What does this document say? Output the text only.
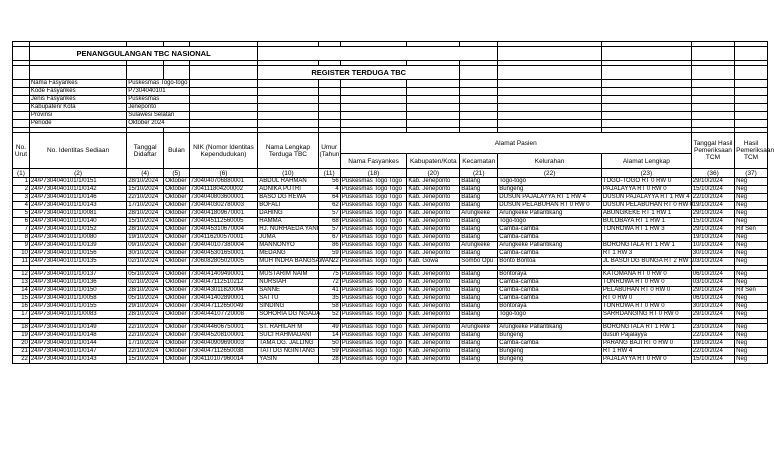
	PENANGGULANGAN TBC NASIONAL												

					REGISTER TERDUGA TBC								
	Nama Fasyankes	Puskesmas Togo-togo											
	Kode Fasyankes	P7304040101											
	Jenis Fasyankes	Puskesmas											
	Kabupaten/ Kota	Jeneponto											
	Provinsi	Sulawesi Selatan											
	Periode	Oktober 2024											

No. Urut	No. Identitas Sediaan	Tanggal Didaftar	Bulan	NIK (Nomor Identitas Kependudukan)	Nama Lengkap Terduga TBC	Umur (Tahun)	Alamat Pasien					Tanggal Hasil Pemeriksaan TCM	Hasil Pemeriksaan TCM
							Nama Fasyankes	Kabupaten/Kota	Kecamatan	Kelurahan	Alamat Lengkap		
(1)	(2)	(4)	(5)	(6)	(10)	(11)	(18)	(20)	(21)	(22)	(23)	(36)	(37)
1	24/P7304040101/1/0151	28/10/2024	Oktober	7304040706880001	ABDUL RAHMAN	56	Puskesmas Togo Togo	Kab. Jeneponto	Batang	Togo-togo	TOGO-TOGO RT 0 RW 0	29/10/2024	Neg
2	24/P7304040101/1/0142	15/10/2024	Oktober	7304111804200002	ADNIKA PUTRI	4	Puskesmas Togo Togo	Kab. Jeneponto	Batang	Bungeng	PAJALAYYA RT 0 RW 0	15/10/2024	Neg
3	24/P7304040101/1/0146	22/10/2024	Oktober	7304040803600001	BASO DG REWA	64	Puskesmas Togo Togo	Kab. Jeneponto	Batang	DUSUN PAJALAYYA RT 1 RW 4	DUSUN PAJALAYYA RT 1 RW 4	22/10/2024	Neg
4	24/P7304040101/1/0143	17/10/2024	Oktober	7304040302780003	BOFALI	62	Puskesmas Togo Togo	Kab. Jeneponto	Batang	DUSUN PELABUHAN RT 0 RW 0	DUSUN PELABUHAN RT 0 RW 0	19/10/2024	Neg
5	24/P7304040101/1/0081	28/10/2024	Oktober	7304041809670001	DAHING	57	Puskesmas Togo Togo	Kab. Jeneponto	Arungkeke	Arungkeke Pallantikang	ABUNGKEKE RT 1 RW 1	29/10/2024	Neg
6	24/P7304040101/1/0140	15/10/2024	Oktober	7304045112560005	HAMMA	68	Puskesmas Togo Togo	Kab. Jeneponto	Batang	Togo-togo	BULOBAYA RT 1 RW 1	15/10/2024	Neg
7	24/P7304040101/1/0152	28/10/2024	Oktober	7304045310670004	HJ. NURHAEDA YANI	57	Puskesmas Togo Togo	Kab. Jeneponto	Batang	Camba-camba	TONROWA RT 1 RW 3	29/10/2024	Rif Sen
8	24/P7304040101/1/0080	19/10/2024	Oktober	7304116200570001	JUMA	67	Puskesmas Togo Togo	Kab. Jeneponto	Batang	Camba-camba		19/10/2024	Neg
9	24/P7304040101/1/0139	09/10/2024	Oktober	7304040107380004	MANNONYO	86	Puskesmas Togo Togo	Kab. Jeneponto	Arungkeke	Arungkeke Pallantikang	BORONGTALA RT 1 RW 1	10/10/2024	Neg
10	24/P7304040101/1/0156	30/10/2024	Oktober	7304045301650001	MEDANG	59	Puskesmas Togo Togo	Kab. Jeneponto	Batang	Camba-camba	RT 1 RW 3	30/10/2024	Neg
11	24/P7304040101/1/0135	02/10/2024	Oktober	7306082805020005	MUH INDRA BANGSAWAN	22	Puskesmas Togo Togo	Kab. Gowa	Sombo Opu	Bonto Bontoa	JL BASOI DG BUNGA RT 2 RW 1	03/10/2024	Neg

12	24/P7304040101/1/0137	05/10/2024	Oktober	7304041409490001	MUSTARIM NAIM	75	Puskesmas Togo Togo	Kab. Jeneponto	Batang	Bontoraya	KATOMANA RT 0 RW 0	06/10/2024	Neg
13	24/P7304040101/1/0136	02/10/2024	Oktober	7304047112510212	NURSIAH	72	Puskesmas Togo Togo	Kab. Jeneponto	Batang	Camba-camba	TONROWA RT 0 RW 0	03/10/2024	Neg
14	24/P7304040101/1/0150	28/10/2024	Oktober	7304043011820004	SANNE	41	Puskesmas Togo Togo	Kab. Jeneponto	Batang	Camba-camba	PELABUHAN RT 0 RW 0	29/10/2024	Rif Sen
15	24/P7304040101/1/0058	05/10/2024	Oktober	7304041402890001	SATTU	35	Puskesmas Togo Togo	Kab. Jeneponto	Batang	Camba-camba	RT 0 RW 0	06/10/2024	Neg
16	24/P7304040101/1/0155	29/10/2024	Oktober	7304047112650049	SINDING	58	Puskesmas Togo Togo	Kab. Jeneponto	Batang	Bontoraya	TONROWA RT 0 RW 0	30/10/2024	Neg
17	24/P7304040101/1/0083	28/10/2024	Oktober	7304044107720008	SOHORIA DG NGADA	52	Puskesmas Togo Togo	Kab. Jeneponto	Batang	Togo-togo	SARRDANGING RT 0 RW 0	29/10/2024	Neg

18	24/P7304040101/1/0149	22/10/2024	Oktober	7304044606750001	ST. RAHILAH M	49	Puskesmas Togo Togo	Kab. Jeneponto	Arungkeke	Arungkeke Pallantikang	BORONGTALA RT 1 RW 1	23/10/2024	Neg
19	24/P7304040101/1/0148	22/10/2024	Oktober	7304045208100001	SUCI RAHMADANI	14	Puskesmas Togo Togo	Kab. Jeneponto	Batang	Bungeng	dusun Pajalayya	22/10/2024	Neg
20	24/P7304040101/1/0144	17/10/2024	Oktober	7304040909690003	TAMA DG. JALLING	50	Puskesmas Togo Togo	Kab. Jeneponto	Batang	Camba-camba	PARANG BAJI RT 0 RW 0	19/10/2024	Neg
21	24/P7304040101/1/0147	22/10/2024	Oktober	7304047112650038	TATI DG NGINTANG	59	Puskesmas Togo Togo	Kab. Jeneponto	Batang	Bungeng	RT 1 RW 4	22/10/2024	Neg
22	24/P7304040101/1/0143	15/10/2024	Oktober	7304110107960014	YASIN	28	Puskesmas Togo Togo	Kab. Jeneponto	Batang	Bungeng	PAJALAYYA RT 0 RW 0	15/10/2024	Neg
